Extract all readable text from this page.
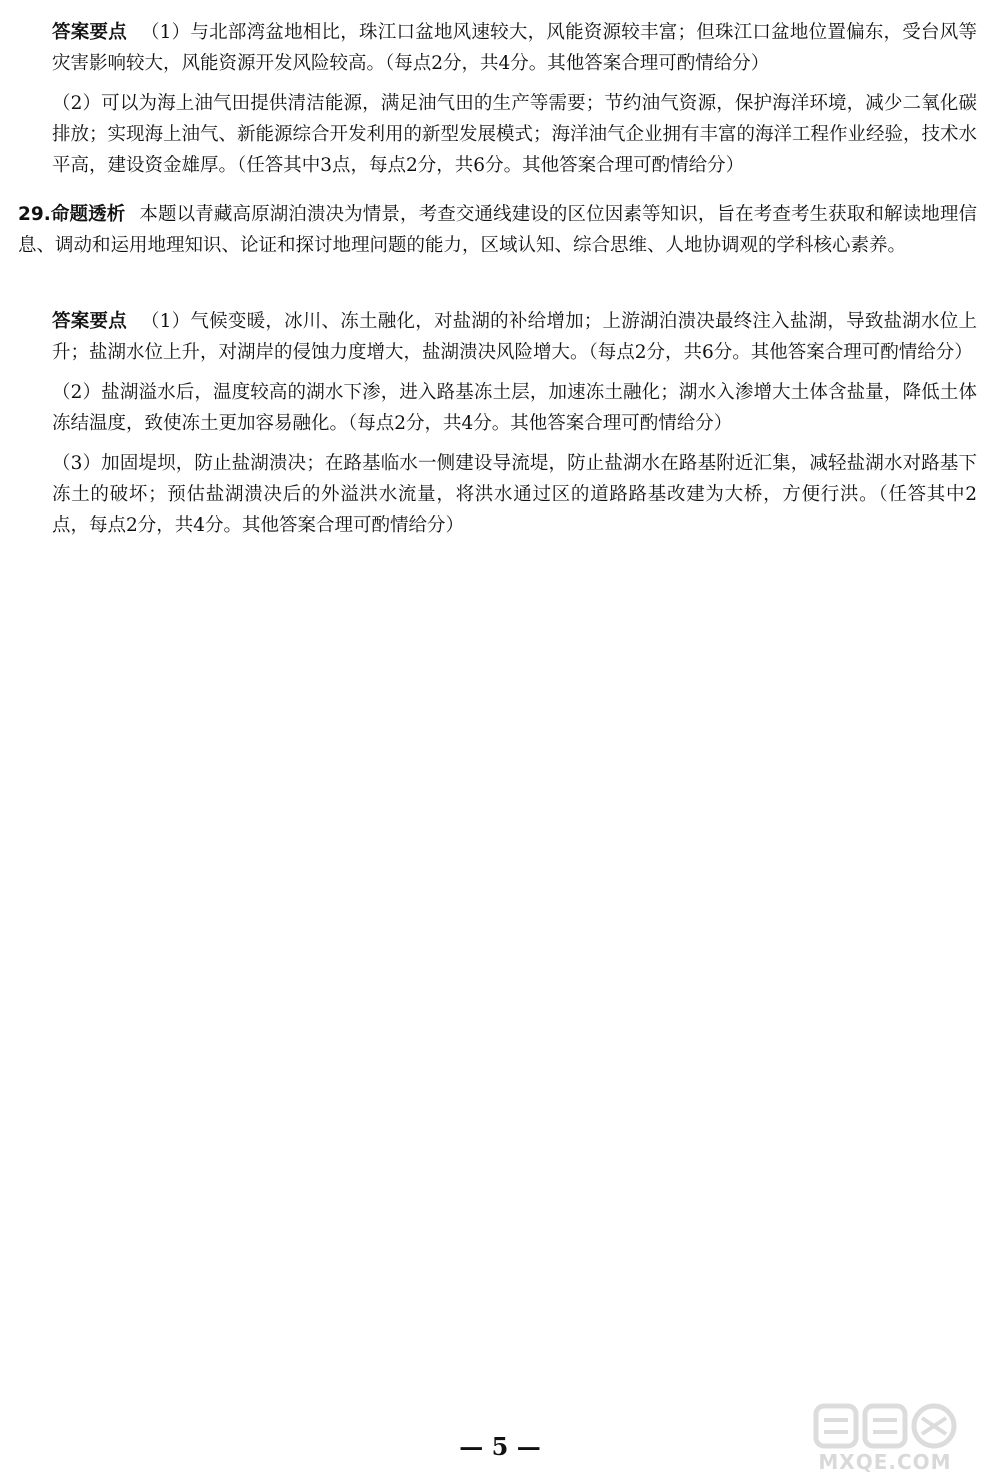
答案要点 （1）与北部湾盆地相比，珠江口盆地风速较大，风能资源较丰富；但珠江口盆地位置偏东，受台风等灾害影响较大，风能资源开发风险较高。（每点2分，共4分。其他答案合理可酌情给分）

（2）可以为海上油气田提供清洁能源，满足油气田的生产等需要；节约油气资源，保护海洋环境，减少二氧化碳排放；实现海上油气、新能源综合开发利用的新型发展模式；海洋油气企业拥有丰富的海洋工程作业经验，技术水平高，建设资金雄厚。（任答其中3点，每点2分，共6分。其他答案合理可酌情给分）

29.命题透析 本题以青藏高原湖泊溃决为情景，考查交通线建设的区位因素等知识，旨在考查考生获取和解读地理信息、调动和运用地理知识、论证和探讨地理问题的能力，区域认知、综合思维、人地协调观的学科核心素养。

答案要点 （1）气候变暖，冰川、冻土融化，对盐湖的补给增加；上游湖泊溃决最终注入盐湖，导致盐湖水位上升；盐湖水位上升，对湖岸的侵蚀力度增大，盐湖溃决风险增大。（每点2分，共6分。其他答案合理可酌情给分）

（2）盐湖溢水后，温度较高的湖水下渗，进入路基冻土层，加速冻土融化；湖水入渗增大土体含盐量，降低土体冻结温度，致使冻土更加容易融化。（每点2分，共4分。其他答案合理可酌情给分）

（3）加固堤坝，防止盐湖溃决；在路基临水一侧建设导流堤，防止盐湖水在路基附近汇集，减轻盐湖水对路基下冻土的破坏；预估盐湖溃决后的外溢洪水流量，将洪水通过区的道路路基改建为大桥，方便行洪。（任答其中2点，每点2分，共4分。其他答案合理可酌情给分）

— 5 —
MXQE.COM
